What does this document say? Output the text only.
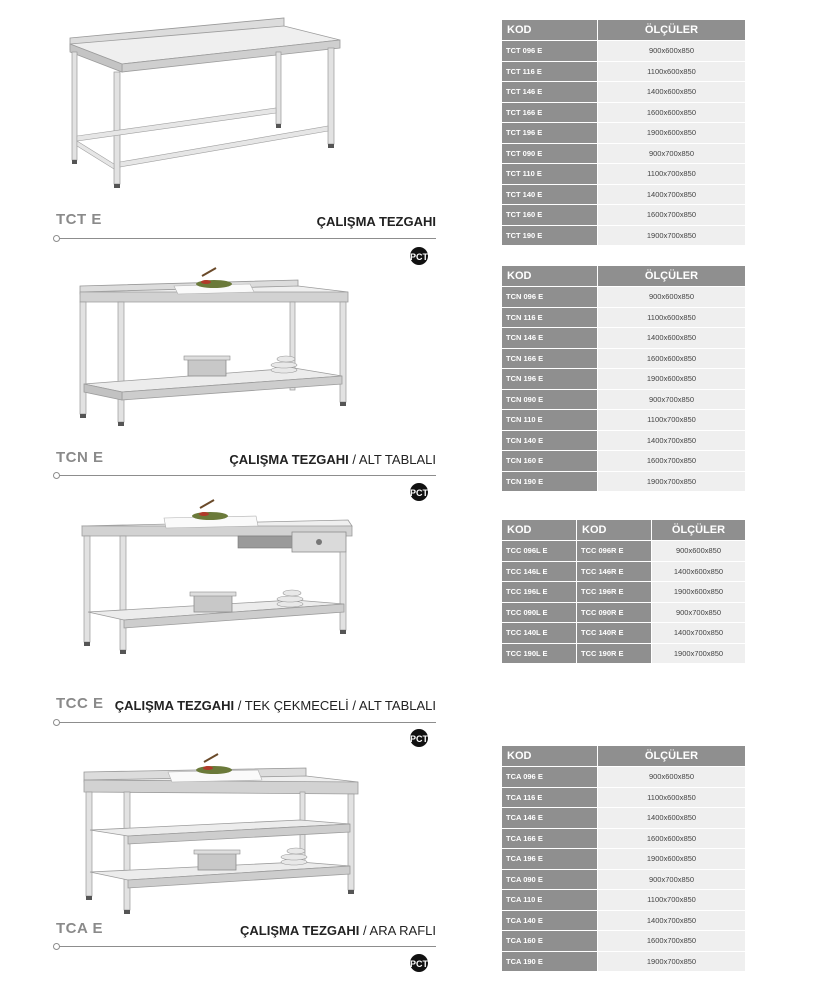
TCT E	ÇALIŞMA TEZGAHI
PCT
TCN E	ÇALIŞMA TEZGAHI / ALT TABLALI
PCT
TCC E ÇALIŞMA TEZGAHI / TEK ÇEKMECELİ / ALT TABLALI
PCT
TCA E	ÇALIŞMA TEZGAHI / ARA RAFLI
PCT
KOD	ÖLÇÜLER
TCT 096 E	900x600x850
TCT 116 E	1100x600x850
TCT 146 E	1400x600x850
TCT 166 E	1600x600x850
TCT 196 E	1900x600x850
TCT 090 E	900x700x850
TCT 110 E	1100x700x850
TCT 140 E	1400x700x850
TCT 160 E	1600x700x850
TCT 190 E	1900x700x850
KOD	ÖLÇÜLER
TCN 096 E	900x600x850
TCN 116 E	1100x600x850
TCN 146 E	1400x600x850
TCN 166 E	1600x600x850
TCN 196 E	1900x600x850
TCN 090 E	900x700x850
TCN 110 E	1100x700x850
TCN 140 E	1400x700x850
TCN 160 E	1600x700x850
TCN 190 E	1900x700x850
KOD	KOD	ÖLÇÜLER
TCC 096L E	TCC 096R E	900x600x850
TCC 146L E	TCC 146R E	1400x600x850
TCC 196L E	TCC 196R E	1900x600x850
TCC 090L E	TCC 090R E	900x700x850
TCC 140L E	TCC 140R E	1400x700x850
TCC 190L E	TCC 190R E	1900x700x850
KOD	ÖLÇÜLER
TCA 096 E	900x600x850
TCA 116 E	1100x600x850
TCA 146 E	1400x600x850
TCA 166 E	1600x600x850
TCA 196 E	1900x600x850
TCA 090 E	900x700x850
TCA 110 E	1100x700x850
TCA 140 E	1400x700x850
TCA 160 E	1600x700x850
TCA 190 E	1900x700x850
